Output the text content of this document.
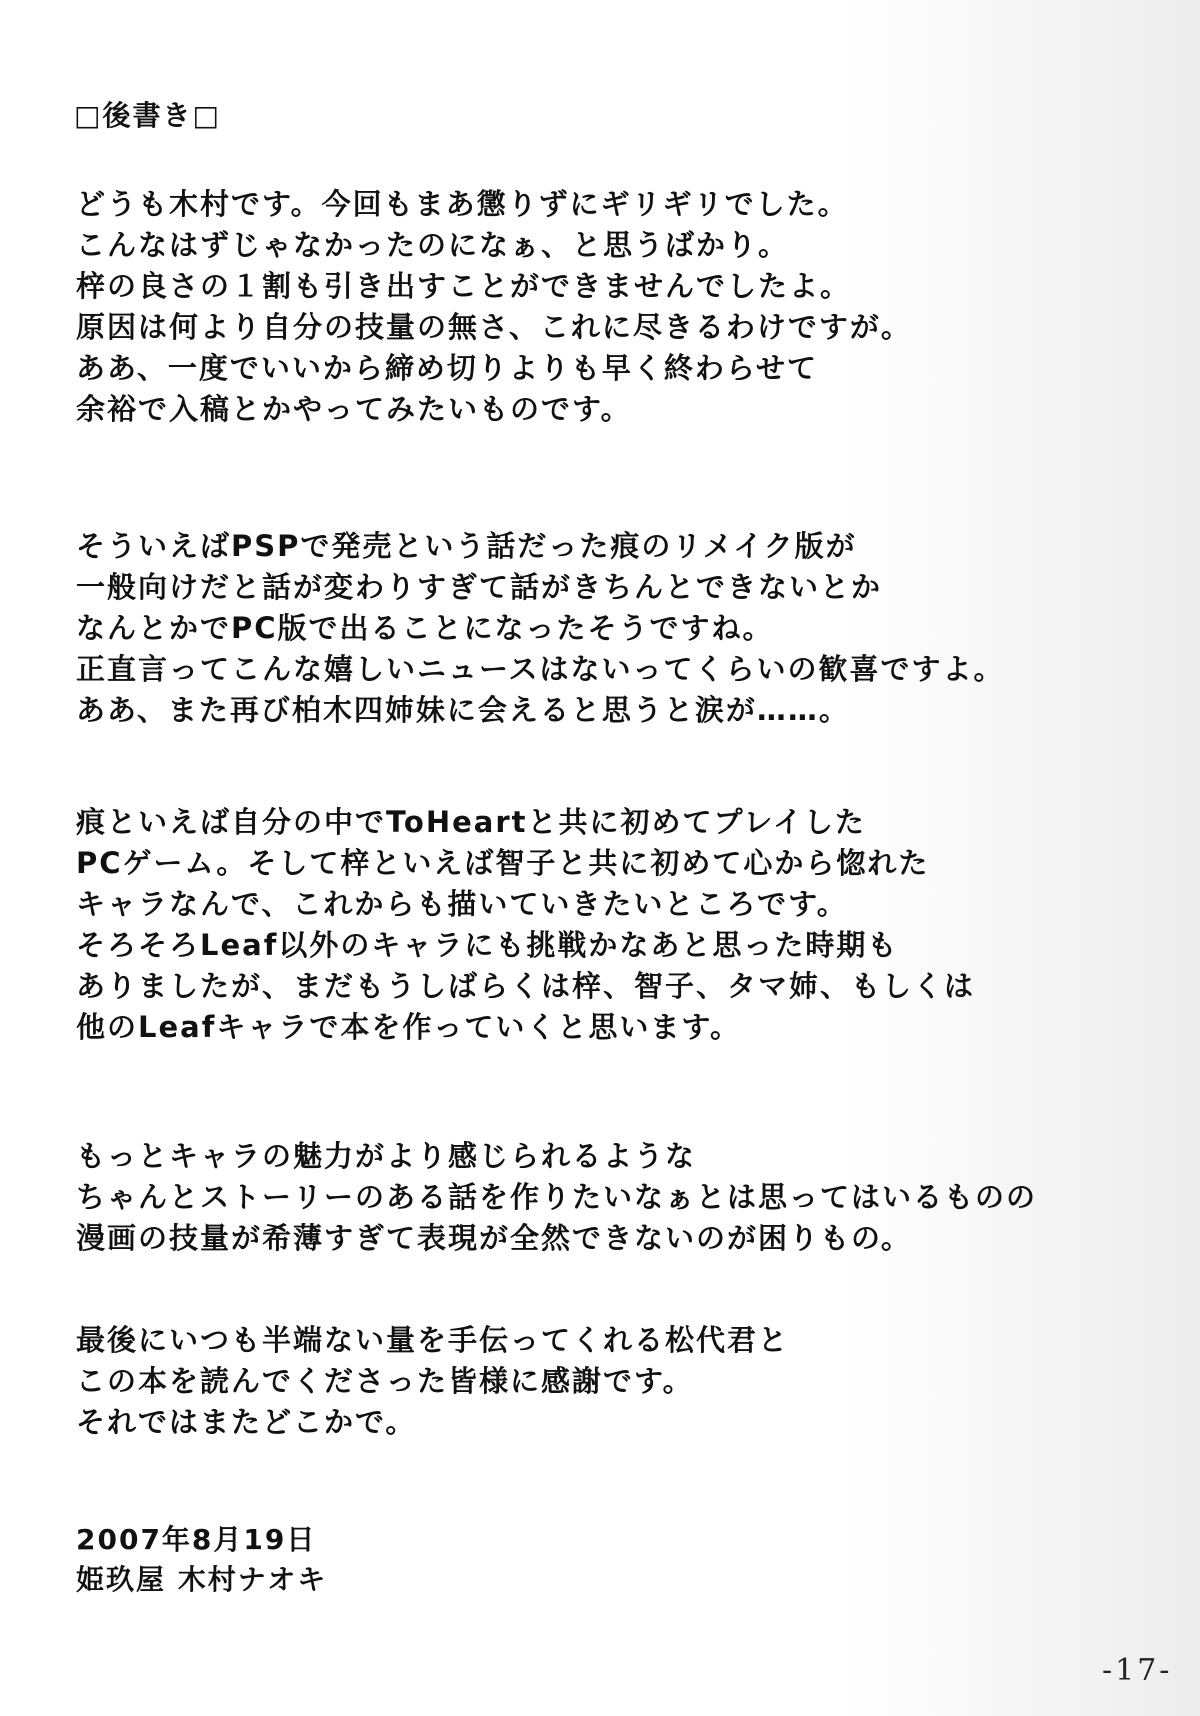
□後書き□
どうも木村です。今回もまあ懲りずにギリギリでした。
こんなはずじゃなかったのになぁ、と思うばかり。
梓の良さの１割も引き出すことができませんでしたよ。
原因は何より自分の技量の無さ、これに尽きるわけですが。
ああ、一度でいいから締め切りよりも早く終わらせて
余裕で入稿とかやってみたいものです。
そういえばPSPで発売という話だった痕のリメイク版が
一般向けだと話が変わりすぎて話がきちんとできないとか
なんとかでPC版で出ることになったそうですね。
正直言ってこんな嬉しいニュースはないってくらいの歓喜ですよ。
ああ、また再び柏木四姉妹に会えると思うと涙が……。
痕といえば自分の中でToHeartと共に初めてプレイした
PCゲーム。そして梓といえば智子と共に初めて心から惚れた
キャラなんで、これからも描いていきたいところです。
そろそろLeaf以外のキャラにも挑戦かなあと思った時期も
ありましたが、まだもうしばらくは梓、智子、タマ姉、もしくは
他のLeafキャラで本を作っていくと思います。
もっとキャラの魅力がより感じられるような
ちゃんとストーリーのある話を作りたいなぁとは思ってはいるものの
漫画の技量が希薄すぎて表現が全然できないのが困りもの。
最後にいつも半端ない量を手伝ってくれる松代君と
この本を読んでくださった皆様に感謝です。
それではまたどこかで。
2007年8月19日
姫玖屋 木村ナオキ
-17-
